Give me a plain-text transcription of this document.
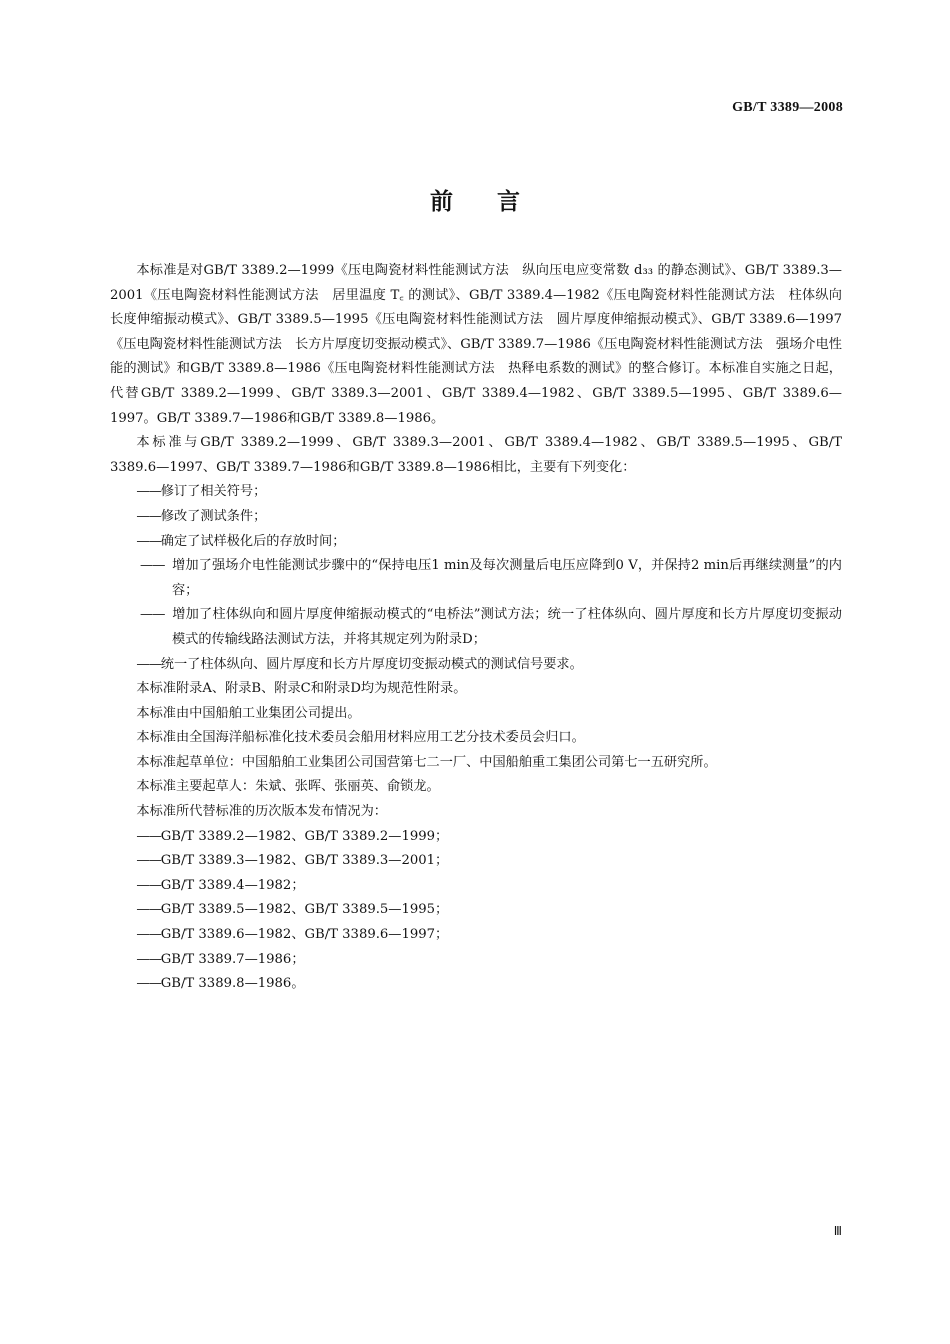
GB/T 3389—2008
前言

本标准是对GB/T 3389.2—1999《压电陶瓷材料性能测试方法　纵向压电应变常数 d₃₃ 的静态测试》、GB/T 3389.3—2001《压电陶瓷材料性能测试方法　居里温度 T꜀ 的测试》、GB/T 3389.4—1982《压电陶瓷材料性能测试方法　柱体纵向长度伸缩振动模式》、GB/T 3389.5—1995《压电陶瓷材料性能测试方法　圆片厚度伸缩振动模式》、GB/T 3389.6—1997《压电陶瓷材料性能测试方法　长方片厚度切变振动模式》、GB/T 3389.7—1986《压电陶瓷材料性能测试方法　强场介电性能的测试》和GB/T 3389.8—1986《压电陶瓷材料性能测试方法　热释电系数的测试》的整合修订。本标准自实施之日起，代替GB/T 3389.2—1999、GB/T 3389.3—2001、GB/T 3389.4—1982、GB/T 3389.5—1995、GB/T 3389.6—1997。GB/T 3389.7—1986和GB/T 3389.8—1986。

本标准与GB/T 3389.2—1999、GB/T 3389.3—2001、GB/T 3389.4—1982、GB/T 3389.5—1995、GB/T 3389.6—1997、GB/T 3389.7—1986和GB/T 3389.8—1986相比，主要有下列变化：

——修订了相关符号；

——修改了测试条件；

——确定了试样极化后的存放时间；

—— 增加了强场介电性能测试步骤中的“保持电压1 min及每次测量后电压应降到0 V，并保持2 min后再继续测量”的内容；

—— 增加了柱体纵向和圆片厚度伸缩振动模式的“电桥法”测试方法；统一了柱体纵向、圆片厚度和长方片厚度切变振动模式的传输线路法测试方法，并将其规定列为附录D；

——统一了柱体纵向、圆片厚度和长方片厚度切变振动模式的测试信号要求。

本标准附录A、附录B、附录C和附录D均为规范性附录。

本标准由中国船舶工业集团公司提出。

本标准由全国海洋船标准化技术委员会船用材料应用工艺分技术委员会归口。

本标准起草单位：中国船舶工业集团公司国营第七二一厂、中国船舶重工集团公司第七一五研究所。

本标准主要起草人：朱斌、张晖、张丽英、俞锁龙。

本标准所代替标准的历次版本发布情况为：

——GB/T 3389.2—1982、GB/T 3389.2—1999；

——GB/T 3389.3—1982、GB/T 3389.3—2001；

——GB/T 3389.4—1982；

——GB/T 3389.5—1982、GB/T 3389.5—1995；

——GB/T 3389.6—1982、GB/T 3389.6—1997；

——GB/T 3389.7—1986；

——GB/T 3389.8—1986。

Ⅲ
